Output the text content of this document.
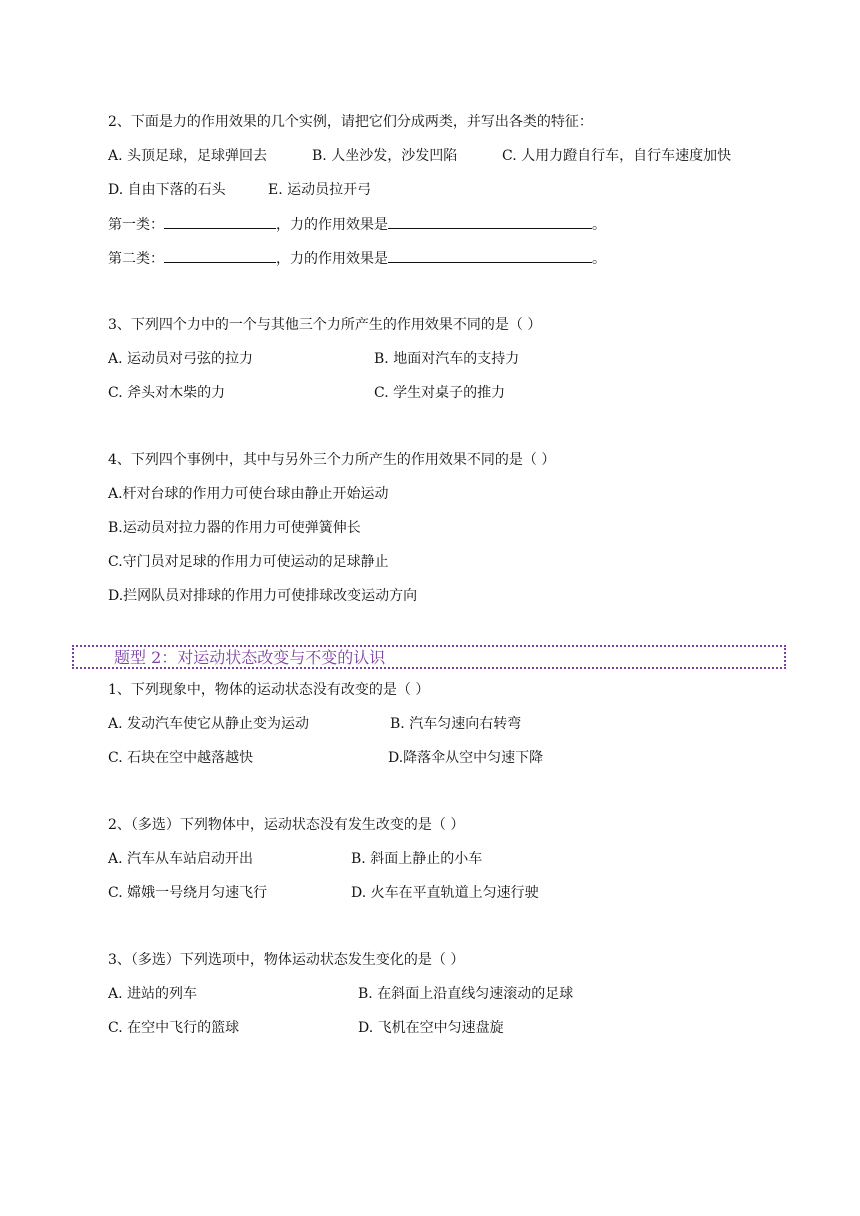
2、下面是力的作用效果的几个实例，请把它们分成两类，并写出各类的特征：
A. 头顶足球，足球弹回去	B. 人坐沙发，沙发凹陷	C. 人用力蹬自行车，自行车速度加快
D. 自由下落的石头	E. 运动员拉开弓
第一类：	，力的作用效果是	。
第二类：	，力的作用效果是	。
3、下列四个力中的一个与其他三个力所产生的作用效果不同的是（ ）
A. 运动员对弓弦的拉力	B. 地面对汽车的支持力
C. 斧头对木柴的力	C. 学生对桌子的推力
4、下列四个事例中，其中与另外三个力所产生的作用效果不同的是（ ）
A.杆对台球的作用力可使台球由静止开始运动
B.运动员对拉力器的作用力可使弹簧伸长
C.守门员对足球的作用力可使运动的足球静止
D.拦网队员对排球的作用力可使排球改变运动方向
题型 2：对运动状态改变与不变的认识
1、下列现象中，物体的运动状态没有改变的是（ ）
A. 发动汽车使它从静止变为运动	B. 汽车匀速向右转弯
C. 石块在空中越落越快	D.降落伞从空中匀速下降
2、（多选）下列物体中，运动状态没有发生改变的是（ ）
A. 汽车从车站启动开出	B. 斜面上静止的小车
C. 嫦娥一号绕月匀速飞行	D. 火车在平直轨道上匀速行驶
3、（多选）下列选项中，物体运动状态发生变化的是（ ）
A. 进站的列车	B. 在斜面上沿直线匀速滚动的足球
C. 在空中飞行的篮球	D. 飞机在空中匀速盘旋
